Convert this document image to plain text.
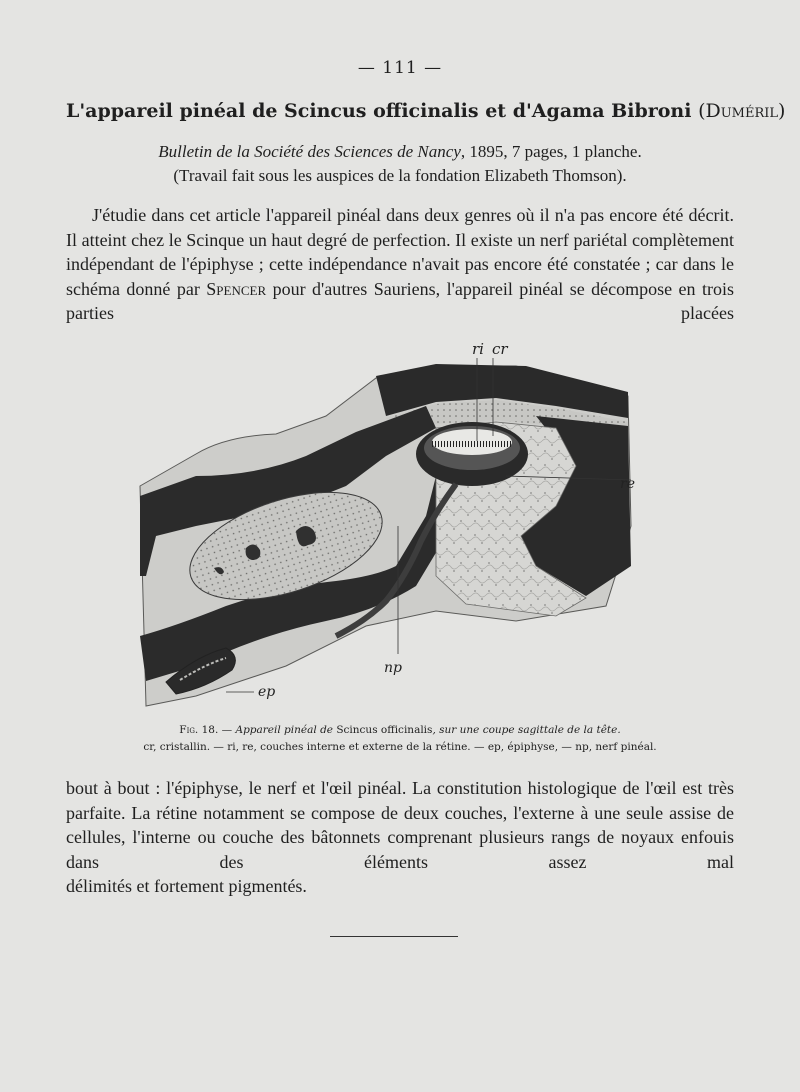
— 111 —
L'appareil pinéal de Scincus officinalis et d'Agama Bibroni (Duméril)
Bulletin de la Société des Sciences de Nancy, 1895, 7 pages, 1 planche.
(Travail fait sous les auspices de la fondation Elizabeth Thomson).
J'étudie dans cet article l'appareil pinéal dans deux genres où il n'a pas encore été décrit. Il atteint chez le Scinque un haut degré de perfection. Il existe un nerf pariétal complètement indépendant de l'épiphyse ; cette indépendance n'avait pas encore été constatée ; car dans le schéma donné par Spencer pour d'autres Sauriens, l'appareil pinéal se décompose en trois parties placées
ri cr
re
np
ep
Fig. 18. — Appareil pinéal de Scincus officinalis, sur une coupe sagittale de la tête.
cr, cristallin. — ri, re, couches interne et externe de la rétine. — ep, épiphyse, — np, nerf pinéal.
bout à bout : l'épiphyse, le nerf et l'œil pinéal. La constitution histologique de l'œil est très parfaite. La rétine notamment se compose de deux couches, l'externe à une seule assise de cellules, l'interne ou couche des bâtonnets comprenant plusieurs rangs de noyaux enfouis dans des éléments assez mal
délimités et fortement pigmentés.
